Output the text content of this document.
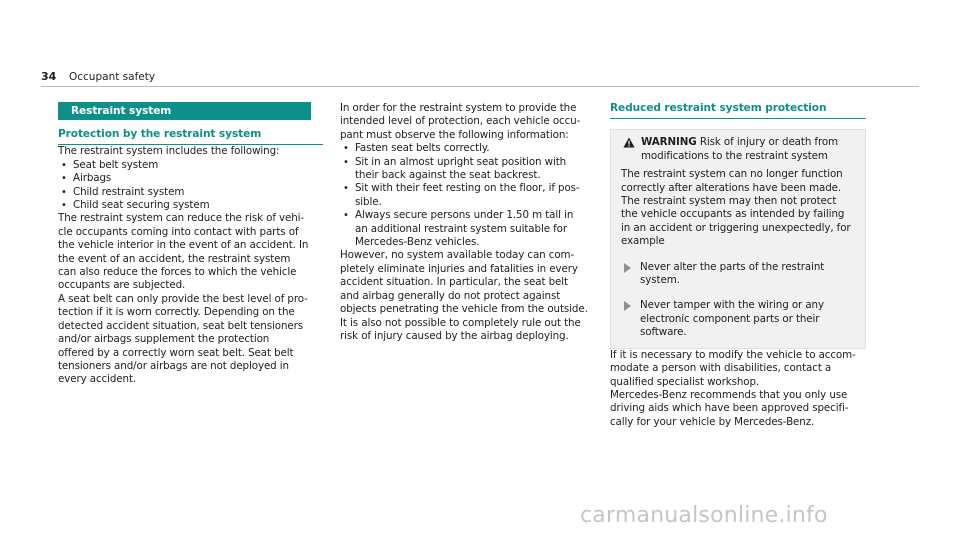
34 Occupant safety
Restraint system
Protection by the restraint system

The restraint system includes the following:

• Seat belt system
• Airbags
• Child restraint system
• Child seat securing system

The restraint system can reduce the risk of vehi-
cle occupants coming into contact with parts of
the vehicle interior in the event of an accident. In
the event of an accident, the restraint system
can also reduce the forces to which the vehicle
occupants are subjected.

A seat belt can only provide the best level of pro-
tection if it is worn correctly. Depending on the
detected accident situation, seat belt tensioners
and/or airbags supplement the protection
offered by a correctly worn seat belt. Seat belt
tensioners and/or airbags are not deployed in
every accident.

In order for the restraint system to provide the
intended level of protection, each vehicle occu-
pant must observe the following information:

• Fasten seat belts correctly.
• Sit in an almost upright seat position with
their back against the seat backrest.
• Sit with their feet resting on the floor, if pos-
sible.
• Always secure persons under 1.50 m tall in
an additional restraint system suitable for
Mercedes-Benz vehicles.

However, no system available today can com-
pletely eliminate injuries and fatalities in every
accident situation. In particular, the seat belt
and airbag generally do not protect against
objects penetrating the vehicle from the outside.
It is also not possible to completely rule out the
risk of injury caused by the airbag deploying.

Reduced restraint system protection
WARNING Risk of injury or death from
modifications to the restraint system
The restraint system can no longer function
correctly after alterations have been made.
The restraint system may then not protect
the vehicle occupants as intended by failing
in an accident or triggering unexpectedly, for
example
Never alter the parts of the restraint
system.
Never tamper with the wiring or any
electronic component parts or their
software.

If it is necessary to modify the vehicle to accom-
modate a person with disabilities, contact a
qualified specialist workshop.

Mercedes-Benz recommends that you only use
driving aids which have been approved specifi-
cally for your vehicle by Mercedes-Benz.

carmanualsonline.info
